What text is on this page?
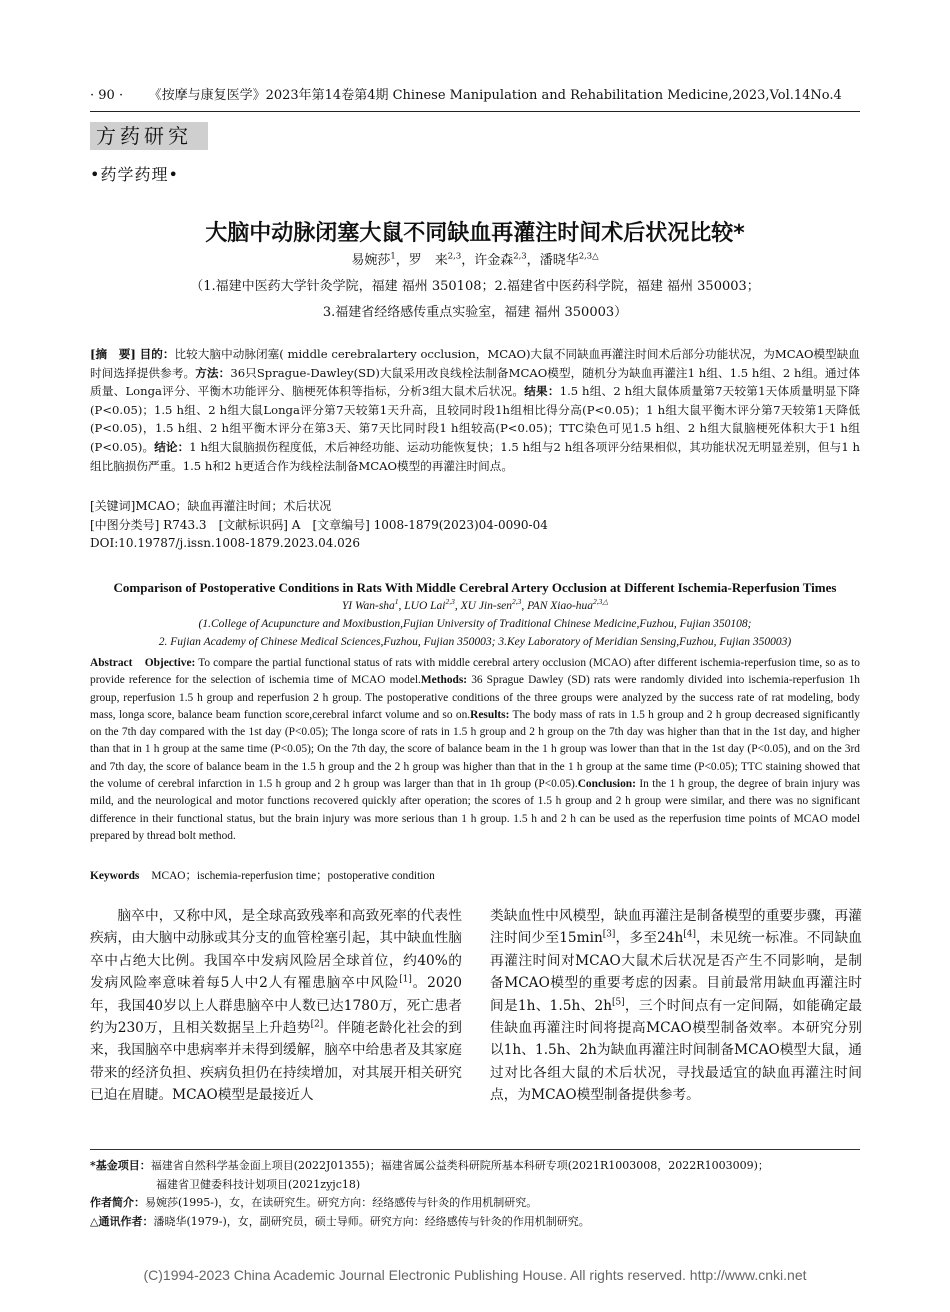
· 90 · 《按摩与康复医学》2023年第14卷第4期 Chinese Manipulation and Rehabilitation Medicine,2023,Vol.14No.4
方药研究
•药学药理•
大脑中动脉闭塞大鼠不同缺血再灌注时间术后状况比较*
易婉莎$^1$，罗　来$^{2,3}$，许金森$^{2,3}$，潘晓华$^{2,3\triangle}$
（1.福建中医药大学针灸学院，福建 福州 350108；2.福建省中医药科学院，福建 福州 350003；
3.福建省经络感传重点实验室，福建 福州 350003）
[摘　要] 目的：比较大脑中动脉闭塞( middle cerebralartery occlusion，MCAO)大鼠不同缺血再灌注时间术后部分功能状况，为MCAO模型缺血时间选择提供参考。方法：36只Sprague-Dawley(SD)大鼠采用改良线栓法制备MCAO模型，随机分为缺血再灌注1 h组、1.5 h组、2 h组。通过体质量、Longa评分、平衡木功能评分、脑梗死体积等指标，分析3组大鼠术后状况。结果：1.5 h组、2 h组大鼠体质量第7天较第1天体质量明显下降(P<0.05)；1.5 h组、2 h组大鼠Longa评分第7天较第1天升高，且较同时段1h组相比得分高(P<0.05)；1 h组大鼠平衡木评分第7天较第1天降低(P<0.05)，1.5 h组、2 h组平衡木评分在第3天、第7天比同时段1 h组较高(P<0.05)；TTC染色可见1.5 h组、2 h组大鼠脑梗死体积大于1 h组(P<0.05)。结论：1 h组大鼠脑损伤程度低，术后神经功能、运动功能恢复快；1.5 h组与2 h组各项评分结果相似，其功能状况无明显差别，但与1 h组比脑损伤严重。1.5 h和2 h更适合作为线栓法制备MCAO模型的再灌注时间点。
[关键词]MCAO；缺血再灌注时间；术后状况
[中图分类号] R743.3 [文献标识码] A [文章编号] 1008-1879(2023)04-0090-04
DOI:10.19787/j.issn.1008-1879.2023.04.026
Comparison of Postoperative Conditions in Rats With Middle Cerebral Artery Occlusion at Different Ischemia-Reperfusion Times
YI Wan-sha$^1$, LUO Lai$^{2,3}$, XU Jin-sen$^{2,3}$, PAN Xiao-hua$^{2,3\triangle}$
(1.College of Acupuncture and Moxibustion,Fujian University of Traditional Chinese Medicine,Fuzhou, Fujian 350108;
2. Fujian Academy of Chinese Medical Sciences,Fuzhou, Fujian 350003; 3.Key Laboratory of Meridian Sensing,Fuzhou, Fujian 350003)
Abstract Objective: To compare the partial functional status of rats with middle cerebral artery occlusion (MCAO) after different ischemia-reperfusion time, so as to provide reference for the selection of ischemia time of MCAO model.Methods: 36 Sprague Dawley (SD) rats were randomly divided into ischemia-reperfusion 1h group, reperfusion 1.5 h group and reperfusion 2 h group. The postoperative conditions of the three groups were analyzed by the success rate of rat modeling, body mass, longa score, balance beam function score,cerebral infarct volume and so on.Results: The body mass of rats in 1.5 h group and 2 h group decreased significantly on the 7th day compared with the 1st day (P<0.05); The longa score of rats in 1.5 h group and 2 h group on the 7th day was higher than that in the 1st day, and higher than that in 1 h group at the same time (P<0.05); On the 7th day, the score of balance beam in the 1 h group was lower than that in the 1st day (P<0.05), and on the 3rd and 7th day, the score of balance beam in the 1.5 h group and the 2 h group was higher than that in the 1 h group at the same time (P<0.05); TTC staining showed that the volume of cerebral infarction in 1.5 h group and 2 h group was larger than that in 1h group (P<0.05).Conclusion: In the 1 h group, the degree of brain injury was mild, and the neurological and motor functions recovered quickly after operation; the scores of 1.5 h group and 2 h group were similar, and there was no significant difference in their functional status, but the brain injury was more serious than 1 h group. 1.5 h and 2 h can be used as the reperfusion time points of MCAO model prepared by thread bolt method.
Keywords MCAO；ischemia-reperfusion time；postoperative condition
脑卒中，又称中风，是全球高致残率和高致死率的代表性疾病，由大脑中动脉或其分支的血管栓塞引起，其中缺血性脑卒中占绝大比例。我国卒中发病风险居全球首位，约40%的发病风险率意味着每5人中2人有罹患脑卒中风险[1]。2020年，我国40岁以上人群患脑卒中人数已达1780万，死亡患者约为230万，且相关数据呈上升趋势[2]。伴随老龄化社会的到来，我国脑卒中患病率并未得到缓解，脑卒中给患者及其家庭带来的经济负担、疾病负担仍在持续增加，对其展开相关研究已迫在眉睫。MCAO模型是最接近人
类缺血性中风模型，缺血再灌注是制备模型的重要步骤，再灌注时间少至15min[3]，多至24h[4]，未见统一标准。不同缺血再灌注时间对MCAO大鼠术后状况是否产生不同影响，是制备MCAO模型的重要考虑的因素。目前最常用缺血再灌注时间是1h、1.5h、2h[5]，三个时间点有一定间隔，如能确定最佳缺血再灌注时间将提高MCAO模型制备效率。本研究分别以1h、1.5h、2h为缺血再灌注时间制备MCAO模型大鼠，通过对比各组大鼠的术后状况，寻找最适宜的缺血再灌注时间点，为MCAO模型制备提供参考。

*基金项目：福建省自然科学基金面上项目(2022J01355)；福建省属公益类科研院所基本科研专项(2021R1003008，2022R1003009)；

福建省卫健委科技计划项目(2021zyjc18)

作者简介：易婉莎(1995-)，女，在读研究生。研究方向：经络感传与针灸的作用机制研究。

△通讯作者：潘晓华(1979-)，女，副研究员，硕士导师。研究方向：经络感传与针灸的作用机制研究。

(C)1994-2023 China Academic Journal Electronic Publishing House. All rights reserved. http://www.cnki.net
